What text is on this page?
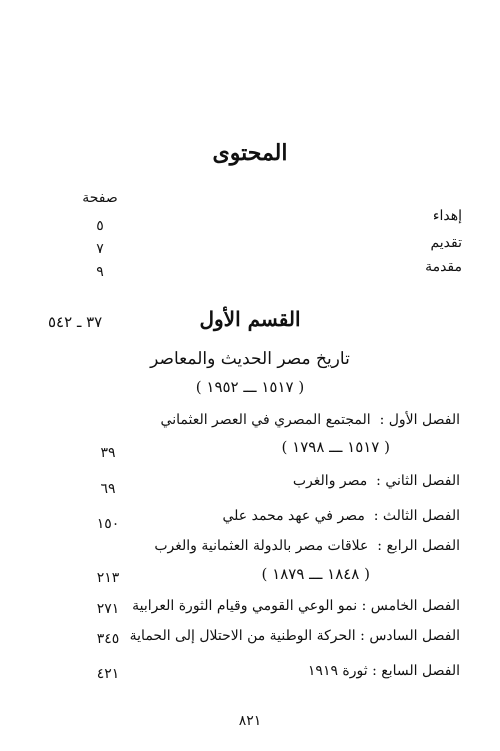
المحتوى
صفحة
إهداء
٥
تقديم
٧
مقدمة
٩
القسم الأول
٣٧ ـ ٥٤٢
تاريخ مصر الحديث والمعاصر
( ١٥١٧ ـــ ١٩٥٢ )
الفصل الأول :  المجتمع المصري في العصر العثماني
( ١٥١٧ ـــ ١٧٩٨ )
٣٩
الفصل الثاني :  مصر والغرب
٦٩
الفصل الثالث :  مصر في عهد محمد علي
١٥٠
الفصل الرابع :  علاقات مصر بالدولة العثمانية والغرب
( ١٨٤٨ ـــ ١٨٧٩ )
٢١٣
الفصل الخامس : نمو الوعي القومي وقيام الثورة العرابية
٢٧١
الفصل السادس : الحركة الوطنية من الاحتلال إلى الحماية
٣٤٥
الفصل السابع : ثورة ١٩١٩
٤٢١
٨٢١
